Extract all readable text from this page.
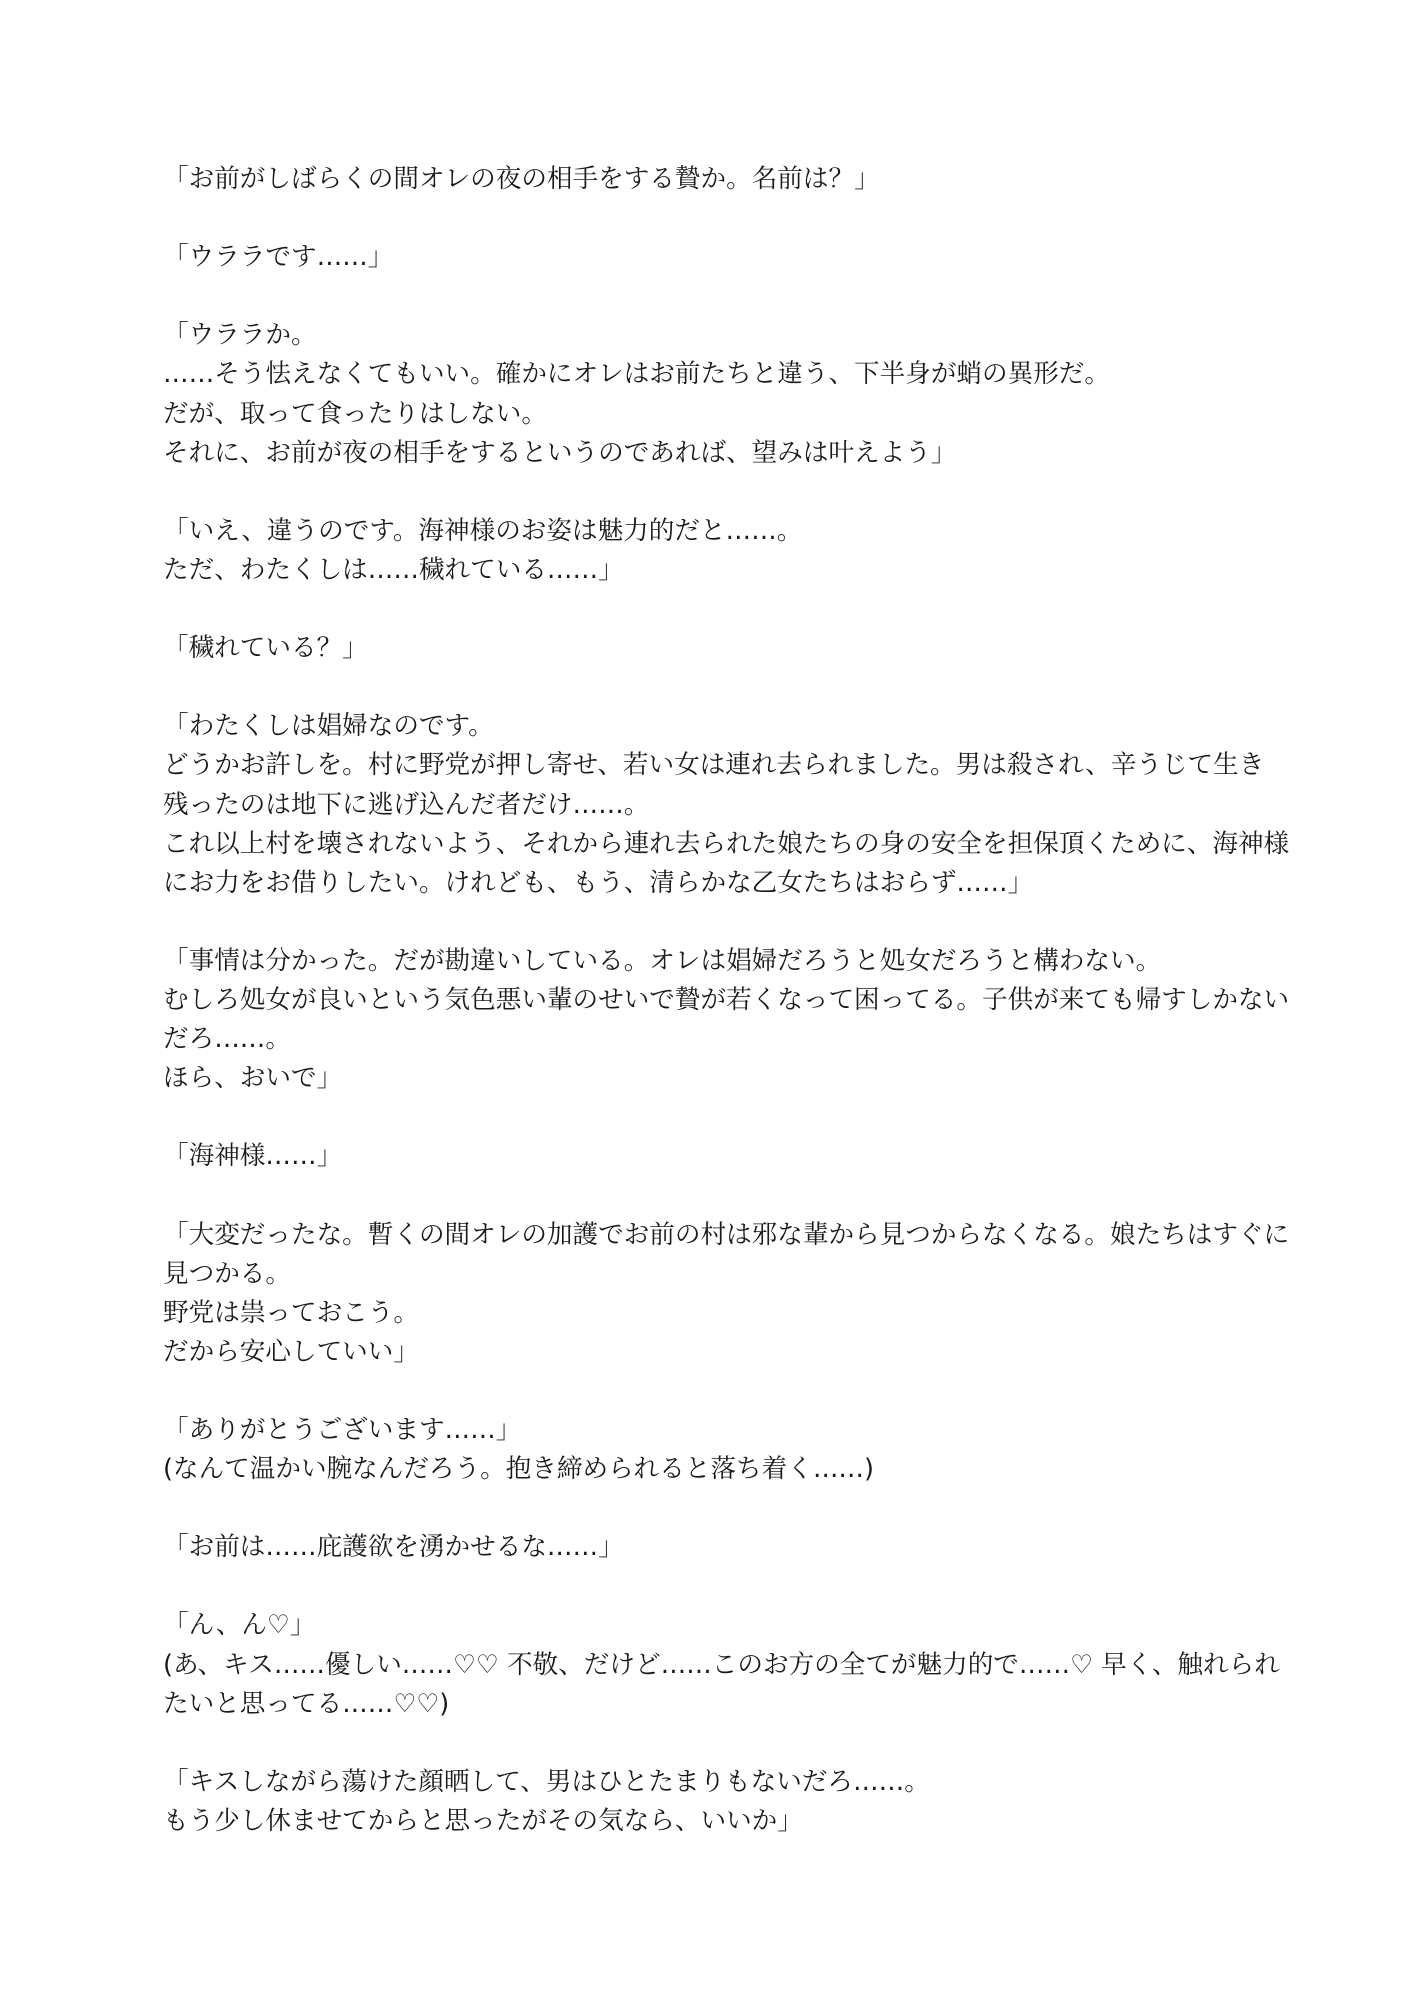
「お前がしばらくの間オレの夜の相手をする贄か。名前は？」
「ウララです……」
「ウララか。
……そう怯えなくてもいい。確かにオレはお前たちと違う、下半身が蛸の異形だ。
だが、取って食ったりはしない。
それに、お前が夜の相手をするというのであれば、望みは叶えよう」
「いえ、違うのです。海神様のお姿は魅力的だと……。
ただ、わたくしは……穢れている……」
「穢れている？」
「わたくしは娼婦なのです。
どうかお許しを。村に野党が押し寄せ、若い女は連れ去られました。男は殺され、辛うじて生き
残ったのは地下に逃げ込んだ者だけ……。
これ以上村を壊されないよう、それから連れ去られた娘たちの身の安全を担保頂くために、海神様
にお力をお借りしたい。けれども、もう、清らかな乙女たちはおらず……」
「事情は分かった。だが勘違いしている。オレは娼婦だろうと処女だろうと構わない。
むしろ処女が良いという気色悪い輩のせいで贄が若くなって困ってる。子供が来ても帰すしかない
だろ……。
ほら、おいで」
「海神様……」
「大変だったな。暫くの間オレの加護でお前の村は邪な輩から見つからなくなる。娘たちはすぐに
見つかる。
野党は祟っておこう。
だから安心していい」
「ありがとうございます……」
(なんて温かい腕なんだろう。抱き締められると落ち着く……)
「お前は……庇護欲を湧かせるな……」
「ん、ん♡」
(あ、キス……優しい……♡♡ 不敬、だけど……このお方の全てが魅力的で……♡ 早く、触れられ
たいと思ってる……♡♡)
「キスしながら蕩けた顔晒して、男はひとたまりもないだろ……。
もう少し休ませてからと思ったがその気なら、いいか」
